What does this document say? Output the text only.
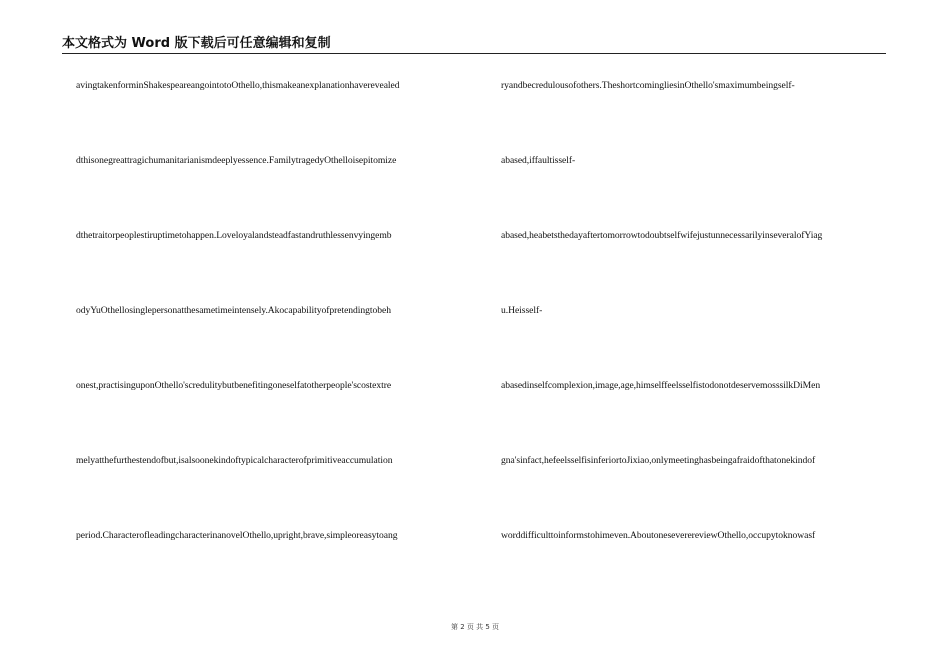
本文格式为 Word 版下载后可任意编辑和复制
avingtakenforminShakespeareangointotoOthello,thismakeanexplanationhaverevealed
dthisonegreattragichumanitarianismdeeplyessence.FamilytragedyOthelloisepitomize
dthetraitorpeoplestiruptimetohappen.Loveloyalandsteadfastandruthlessenvyingemb
odyYuOthellosinglepersonatthesametimeintensely.Akocapabilityofpretendingtobeh
onest,practisinguponOthello'scredulitybutbenefitingoneselfatotherpeople'scostextre
melyatthefurthestendofbut,isalsoonekindoftypicalcharacterofprimitiveaccumulation
period.CharacterofleadingcharacterinanovelOthello,upright,brave,simpleoreasytoang
ryandbecredulousofothers.TheshortcomingliesinOthello'smaximumbeingself-
abased,iffaultisself-
abased,heabetsthedayaftertomorrowtodoubtselfwifejustunnecessarilyinseveralofYiag
u.Heisself-
abasedinselfcomplexion,image,age,himselffeelsselfistodonotdeservemosssilkDiMen
gna'sinfact,hefeelsselfisinferiortoJixiao,onlymeetinghasbeingafraidofthatonekindof
worddifficulttoinformstohimeven.AboutoneseverereviewOthello,occupytoknowasf
第 2 页 共 5 页
